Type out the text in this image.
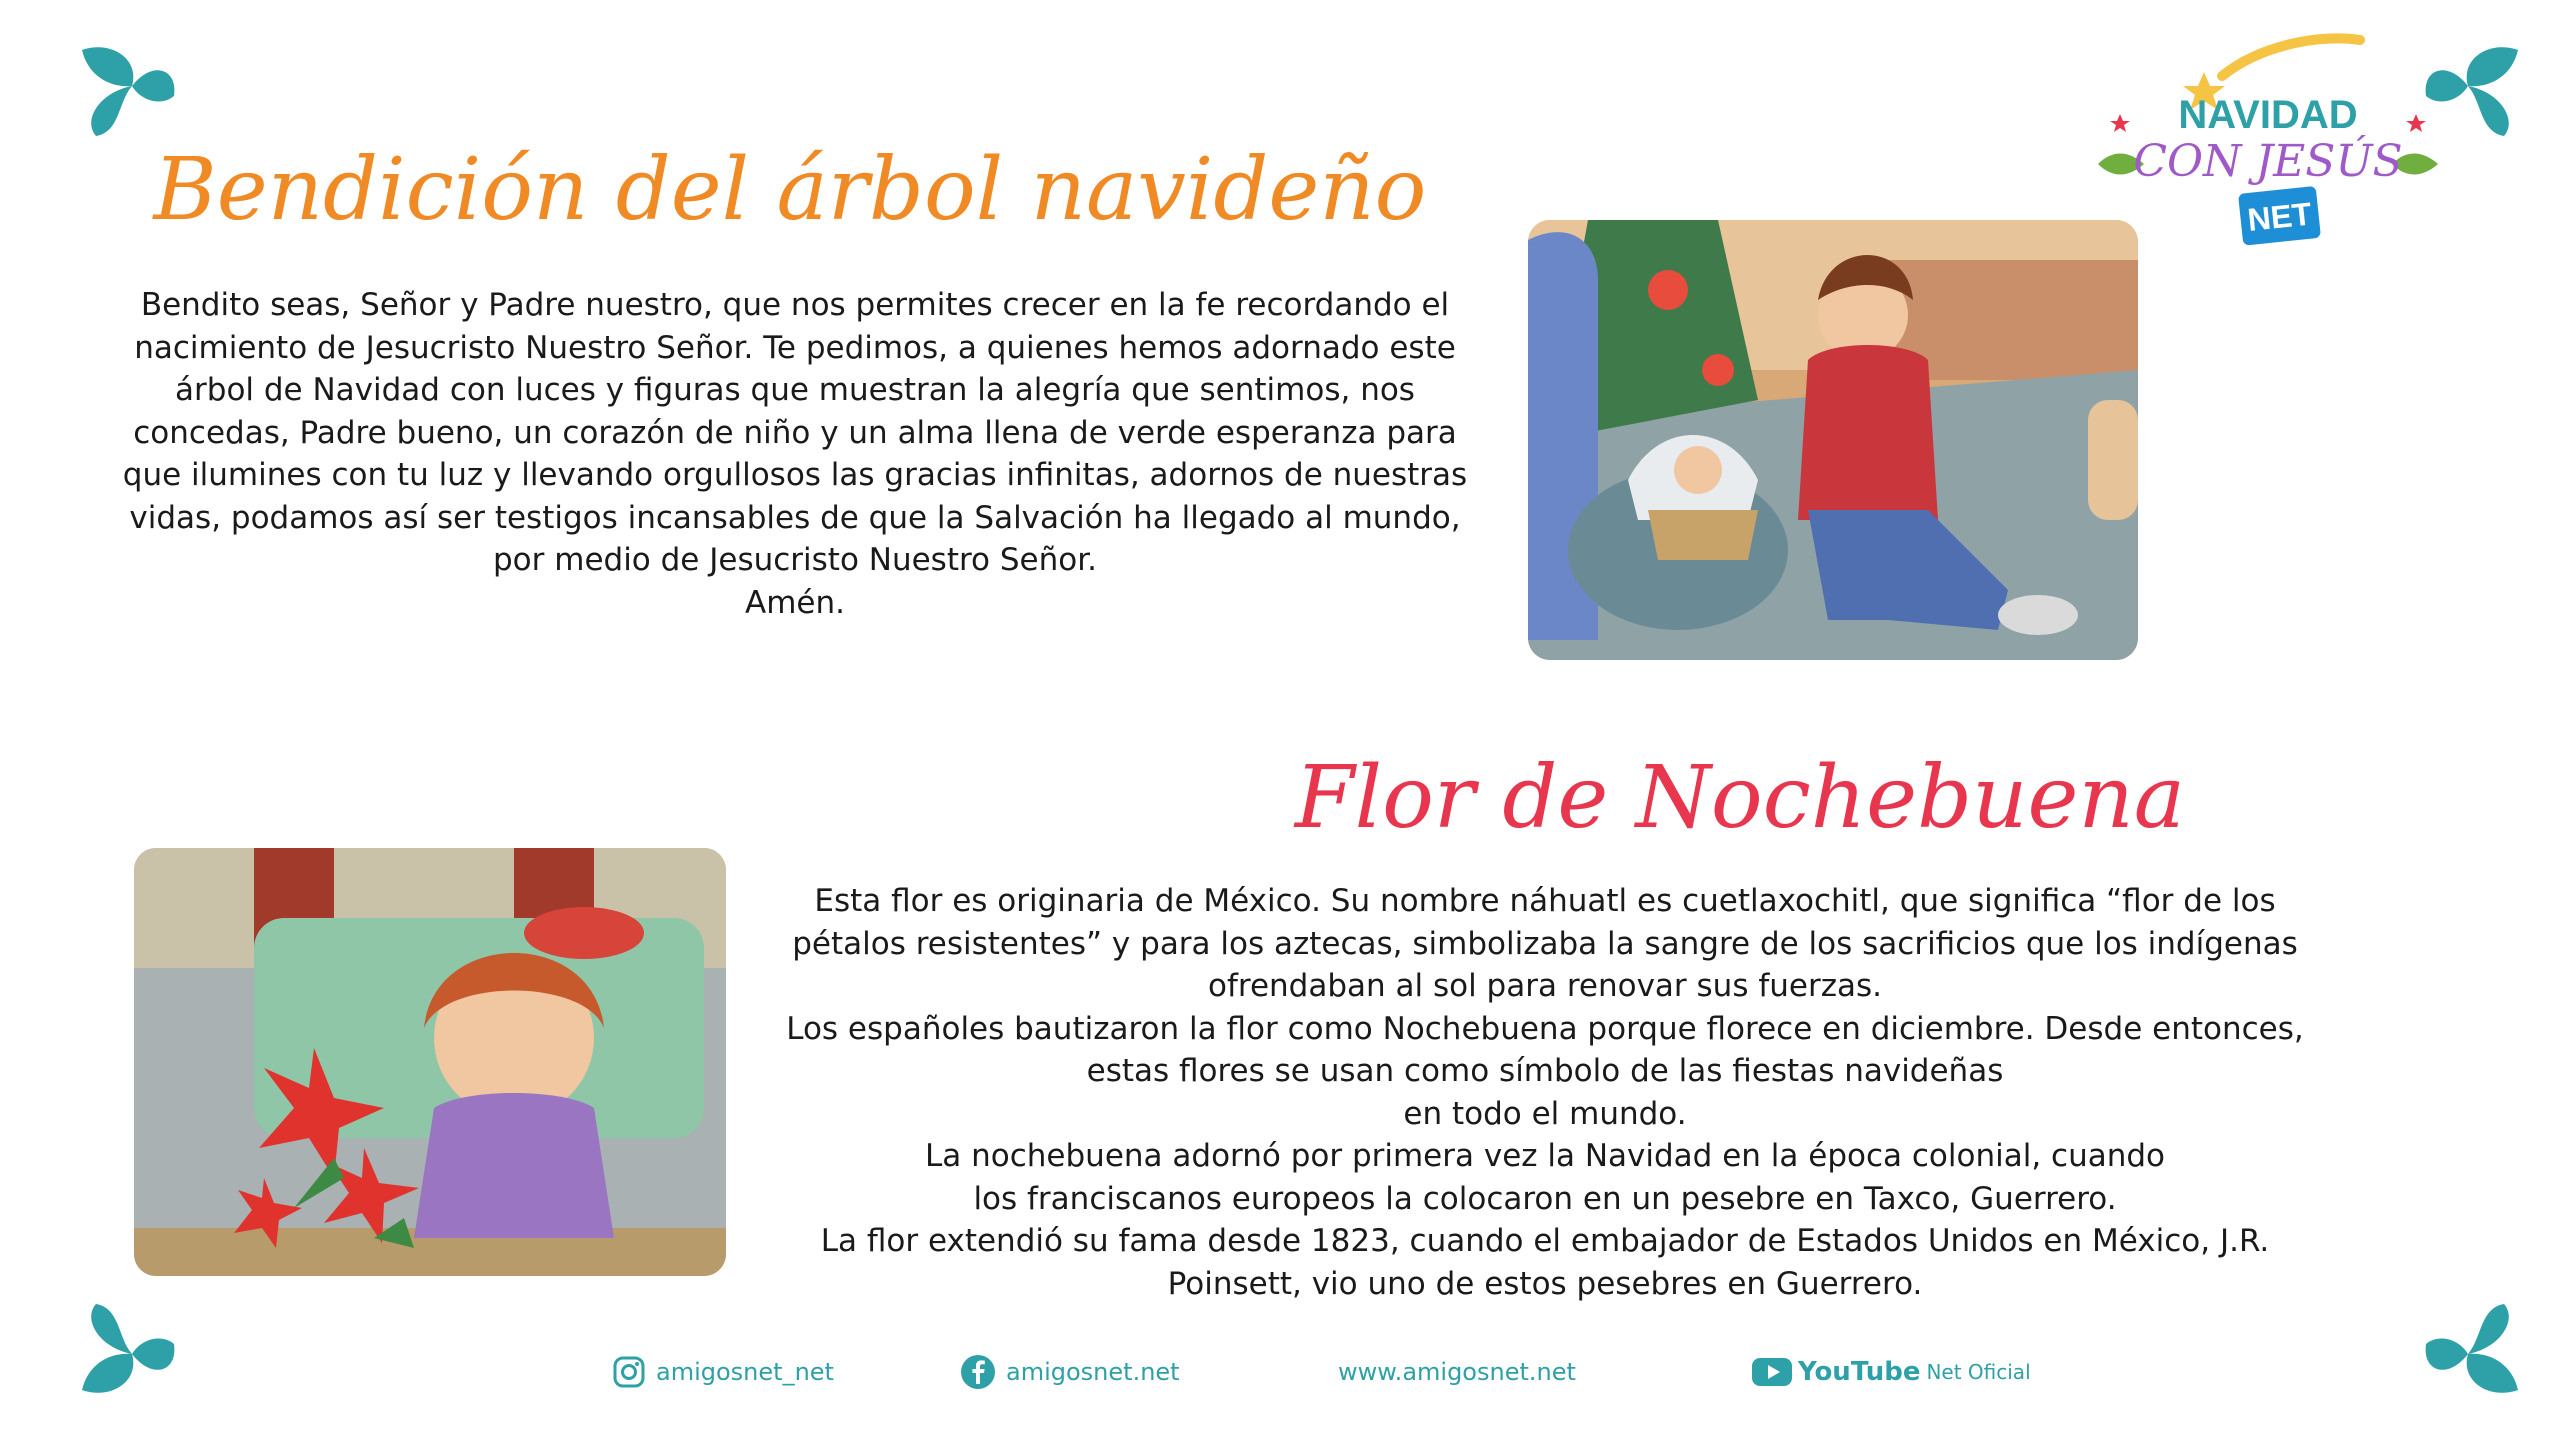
NAVIDAD
CON JESÚS
NET
Bendición del árbol navideño

Bendito seas, Señor y Padre nuestro, que nos permites crecer en la fe recordando el

nacimiento de Jesucristo Nuestro Señor. Te pedimos, a quienes hemos adornado este

árbol de Navidad con luces y figuras que muestran la alegría que sentimos, nos

concedas, Padre bueno, un corazón de niño y un alma llena de verde esperanza para

que ilumines con tu luz y llevando orgullosos las gracias infinitas, adornos de nuestras

vidas, podamos así ser testigos incansables de que la Salvación ha llegado al mundo,

por medio de Jesucristo Nuestro Señor.

Amén.

Flor de Nochebuena

Esta flor es originaria de México. Su nombre náhuatl es cuetlaxochitl, que significa “flor de los

pétalos resistentes” y para los aztecas, simbolizaba la sangre de los sacrificios que los indígenas

ofrendaban al sol para renovar sus fuerzas.

Los españoles bautizaron la flor como Nochebuena porque florece en diciembre. Desde entonces,

estas flores se usan como símbolo de las fiestas navideñas

en todo el mundo.

La nochebuena adornó por primera vez la Navidad en la época colonial, cuando

los franciscanos europeos la colocaron en un pesebre en Taxco, Guerrero.

La flor extendió su fama desde 1823, cuando el embajador de Estados Unidos en México, J.R.

Poinsett, vio uno de estos pesebres en Guerrero.

amigosnet_net	amigosnet.net	www.amigosnet.net	YouTube Net Oficial
